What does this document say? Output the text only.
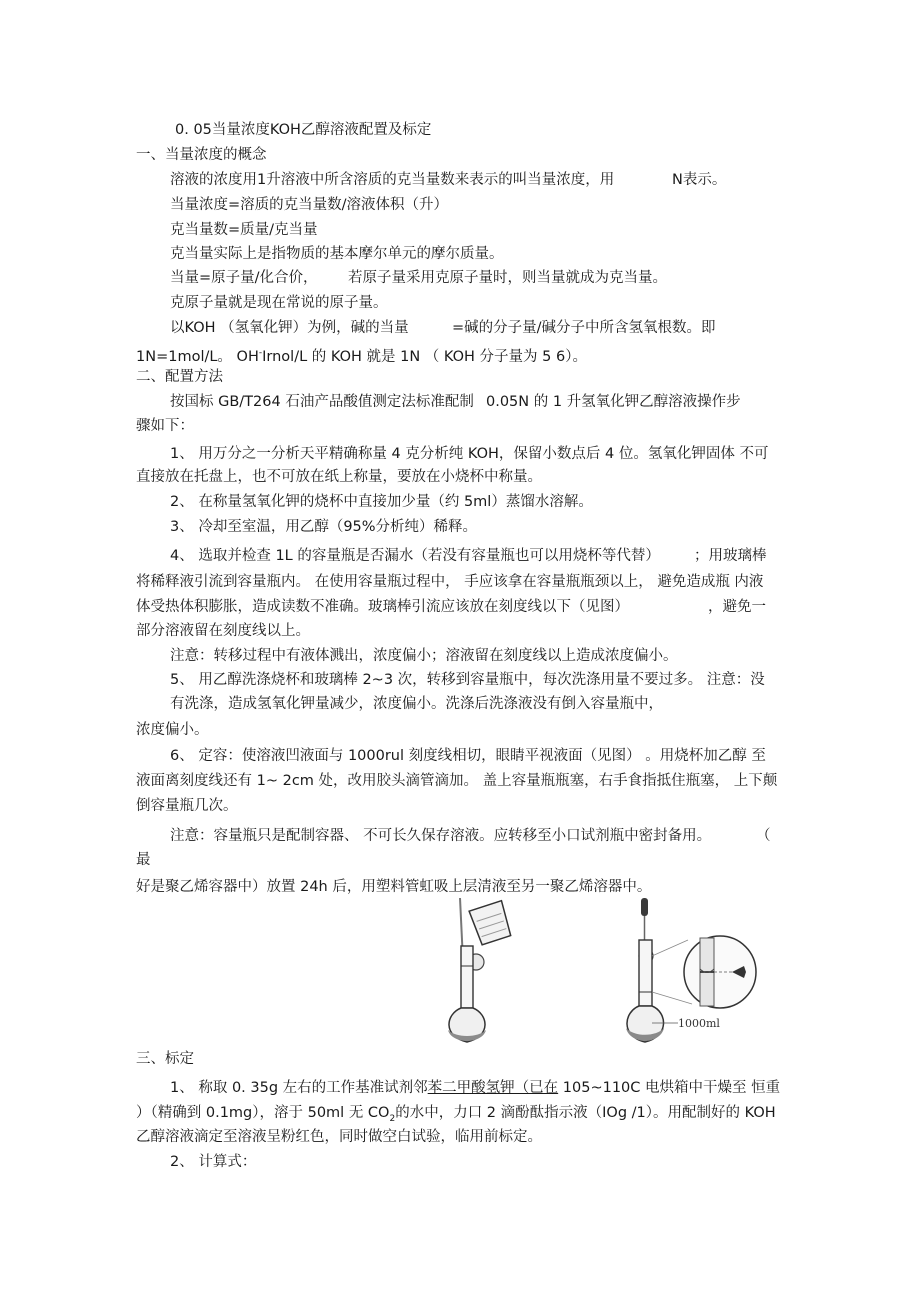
0. 05当量浓度KOH乙醇溶液配置及标定
一、当量浓度的概念
溶液的浓度用1升溶液中所含溶质的克当量数来表示的叫当量浓度，用	N表示。
当量浓度=溶质的克当量数/溶液体积（升）
克当量数=质量/克当量
克当量实际上是指物质的基本摩尔单元的摩尔质量。
当量=原子量/化合价， 若原子量采用克原子量时，则当量就成为克当量。
克原子量就是现在常说的原子量。
以KOH （氢氧化钾）为例，碱的当量	=碱的分子量/碱分子中所含氢氧根数。即
1N=1mol/L。 OH-Irnol/L 的 KOH 就是 1N （ KOH 分子量为 5 6）。
二、配置方法
按国标 GB/T264 石油产品酸值测定法标准配制 0.05N 的 1 升氢氧化钾乙醇溶液操作步
骤如下：
1、 用万分之一分析天平精确称量 4 克分析纯 KOH，保留小数点后 4 位。氢氧化钾固体 不可
直接放在托盘上，也不可放在纸上称量，要放在小烧杯中称量。
2、 在称量氢氧化钾的烧杯中直接加少量（约 5ml）蒸馏水溶解。
3、 冷却至室温，用乙醇（95%分析纯）稀释。
4、 选取并检查 1L 的容量瓶是否漏水（若没有容量瓶也可以用烧杯等代替） ；用玻璃棒
将稀释液引流到容量瓶内。 在使用容量瓶过程中， 手应该拿在容量瓶瓶颈以上， 避免造成瓶 内液
体受热体积膨胀，造成读数不准确。玻璃棒引流应该放在刻度线以下（见图）	，避免一
部分溶液留在刻度线以上。
注意：转移过程中有液体溅出，浓度偏小；溶液留在刻度线以上造成浓度偏小。
5、 用乙醇洗涤烧杯和玻璃棒 2~3 次，转移到容量瓶中，每次洗涤用量不要过多。 注意：没
有洗涤，造成氢氧化钾量减少，浓度偏小。洗涤后洗涤液没有倒入容量瓶中，
浓度偏小。
6、 定容：使溶液凹液面与 1000rul 刻度线相切，眼睛平视液面（见图） 。用烧杯加乙醇 至
液面离刻度线还有 1~ 2cm 处，改用胶头滴管滴加。 盖上容量瓶瓶塞，右手食指抵住瓶塞， 上下颠
倒容量瓶几次。
注意：容量瓶只是配制容器、 不可长久保存溶液。应转移至小口试剂瓶中密封备用。	（
最
好是聚乙烯容器中）放置 24h 后，用塑料管虹吸上层清液至另一聚乙烯溶器中。
1000ml
三、标定
1、 称取 0. 35g 左右的工作基准试剂邻苯二甲酸氢钾（已在 105~110C 电烘箱中干燥至 恒重
）（精确到 0.1mg），溶于 50ml 无 $CO_2$的水中，力口 2 滴酚酞指示液（IOg /1）。用配制好的 KOH
乙醇溶液滴定至溶液呈粉红色，同时做空白试验，临用前标定。
2、 计算式：
